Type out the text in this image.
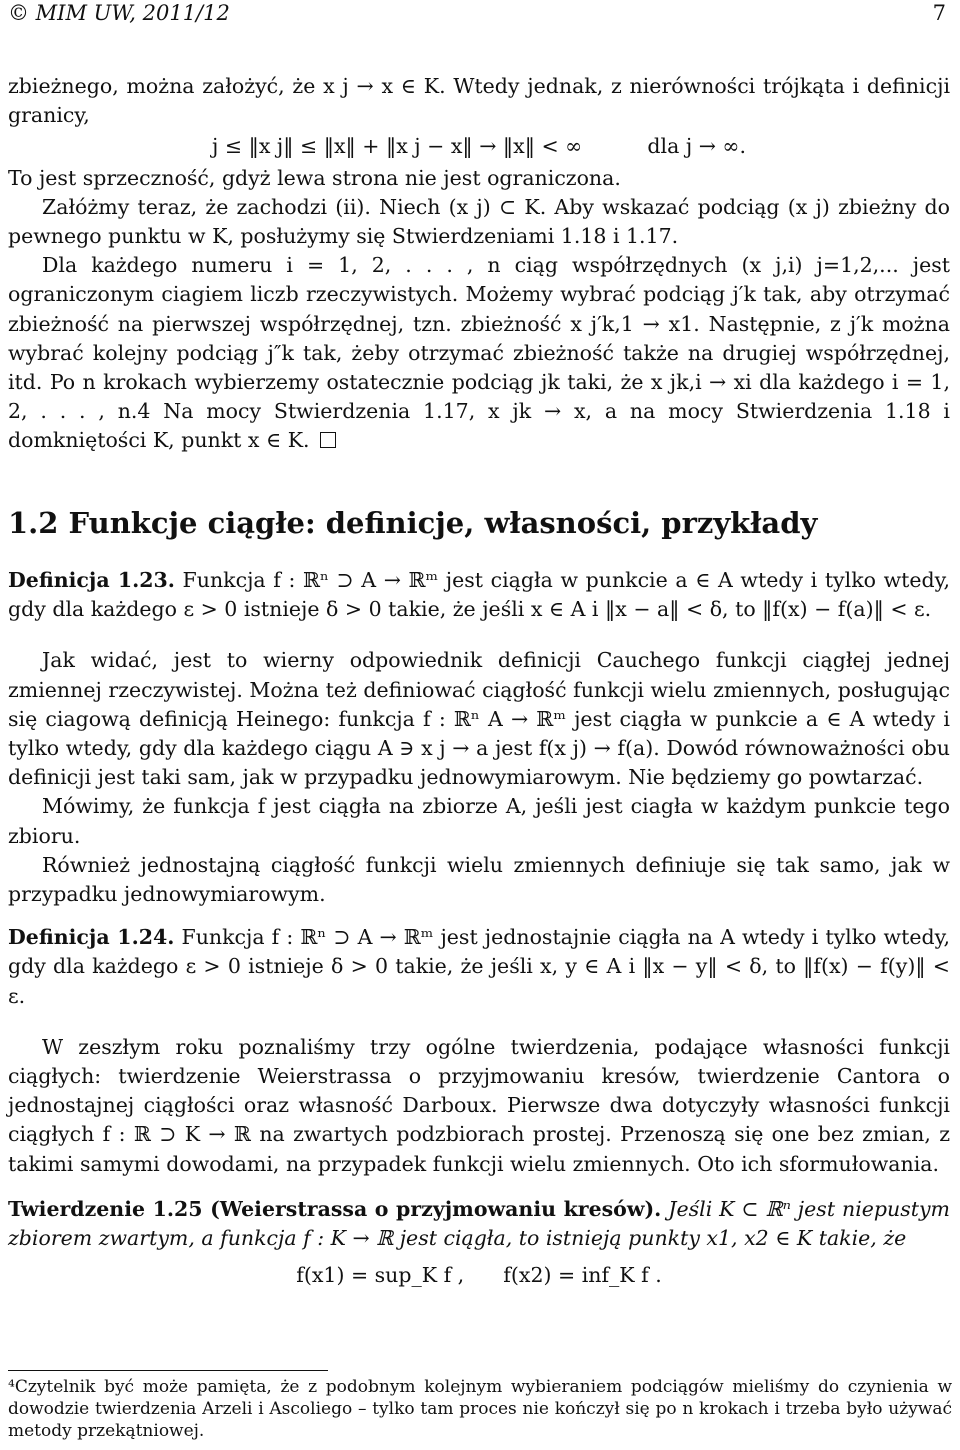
© MIM UW, 2011/12	7

zbieżnego, można założyć, że x j → x ∈ K. Wtedy jednak, z nierówności trójkąta i definicji granicy,

j ≤ ‖x j‖ ≤ ‖x‖ + ‖x j − x‖ → ‖x‖ < ∞          dla j → ∞.

To jest sprzeczność, gdyż lewa strona nie jest ograniczona.

Załóżmy teraz, że zachodzi (ii). Niech (x j) ⊂ K. Aby wskazać podciąg (x j) zbieżny do pewnego punktu w K, posłużymy się Stwierdzeniami 1.18 i 1.17.

Dla każdego numeru i = 1, 2, . . . , n ciąg współrzędnych (x j,i) j=1,2,... jest ograniczonym ciagiem liczb rzeczywistych. Możemy wybrać podciąg j′k tak, aby otrzymać zbieżność na pierwszej współrzędnej, tzn. zbieżność x j′k,1 → x1. Następnie, z j′k można wybrać kolejny podciąg j″k tak, żeby otrzymać zbieżność także na drugiej współrzędnej, itd. Po n krokach wybierzemy ostatecznie podciąg jk taki, że x jk,i → xi dla każdego i = 1, 2, . . . , n.4 Na mocy Stwierdzenia 1.17, x jk → x, a na mocy Stwierdzenia 1.18 i domkniętości K, punkt x ∈ K.

1.2 Funkcje ciągłe: definicje, własności, przykłady

Definicja 1.23. Funkcja f : ℝⁿ ⊃ A → ℝᵐ jest ciągła w punkcie a ∈ A wtedy i tylko wtedy, gdy dla każdego ε > 0 istnieje δ > 0 takie, że jeśli x ∈ A i ‖x − a‖ < δ, to ‖f(x) − f(a)‖ < ε.

Jak widać, jest to wierny odpowiednik definicji Cauchego funkcji ciągłej jednej zmiennej rzeczywistej. Można też definiować ciągłość funkcji wielu zmiennych, posługując się ciagową definicją Heinego: funkcja f : ℝⁿ A → ℝᵐ jest ciągła w punkcie a ∈ A wtedy i tylko wtedy, gdy dla każdego ciągu A ∋ x j → a jest f(x j) → f(a). Dowód równoważności obu definicji jest taki sam, jak w przypadku jednowymiarowym. Nie będziemy go powtarzać.

Mówimy, że funkcja f jest ciągła na zbiorze A, jeśli jest ciagła w każdym punkcie tego zbioru.

Również jednostajną ciągłość funkcji wielu zmiennych definiuje się tak samo, jak w przypadku jednowymiarowym.

Definicja 1.24. Funkcja f : ℝⁿ ⊃ A → ℝᵐ jest jednostajnie ciągła na A wtedy i tylko wtedy, gdy dla każdego ε > 0 istnieje δ > 0 takie, że jeśli x, y ∈ A i ‖x − y‖ < δ, to ‖f(x) − f(y)‖ < ε.

W zeszłym roku poznaliśmy trzy ogólne twierdzenia, podające własności funkcji ciągłych: twierdzenie Weierstrassa o przyjmowaniu kresów, twierdzenie Cantora o jednostajnej ciągłości oraz własność Darboux. Pierwsze dwa dotyczyły własności funkcji ciągłych f : ℝ ⊃ K → ℝ na zwartych podzbiorach prostej. Przenoszą się one bez zmian, z takimi samymi dowodami, na przypadek funkcji wielu zmiennych. Oto ich sformułowania.

Twierdzenie 1.25 (Weierstrassa o przyjmowaniu kresów). Jeśli K ⊂ ℝⁿ jest niepustym zbiorem zwartym, a funkcja f : K → ℝ jest ciągła, to istnieją punkty x1, x2 ∈ K takie, że

f(x1) = sup_K f ,      f(x2) = inf_K f .

⁴Czytelnik być może pamięta, że z podobnym kolejnym wybieraniem podciągów mieliśmy do czynienia w dowodzie twierdzenia Arzeli i Ascoliego – tylko tam proces nie kończył się po n krokach i trzeba było używać metody przekątniowej.
